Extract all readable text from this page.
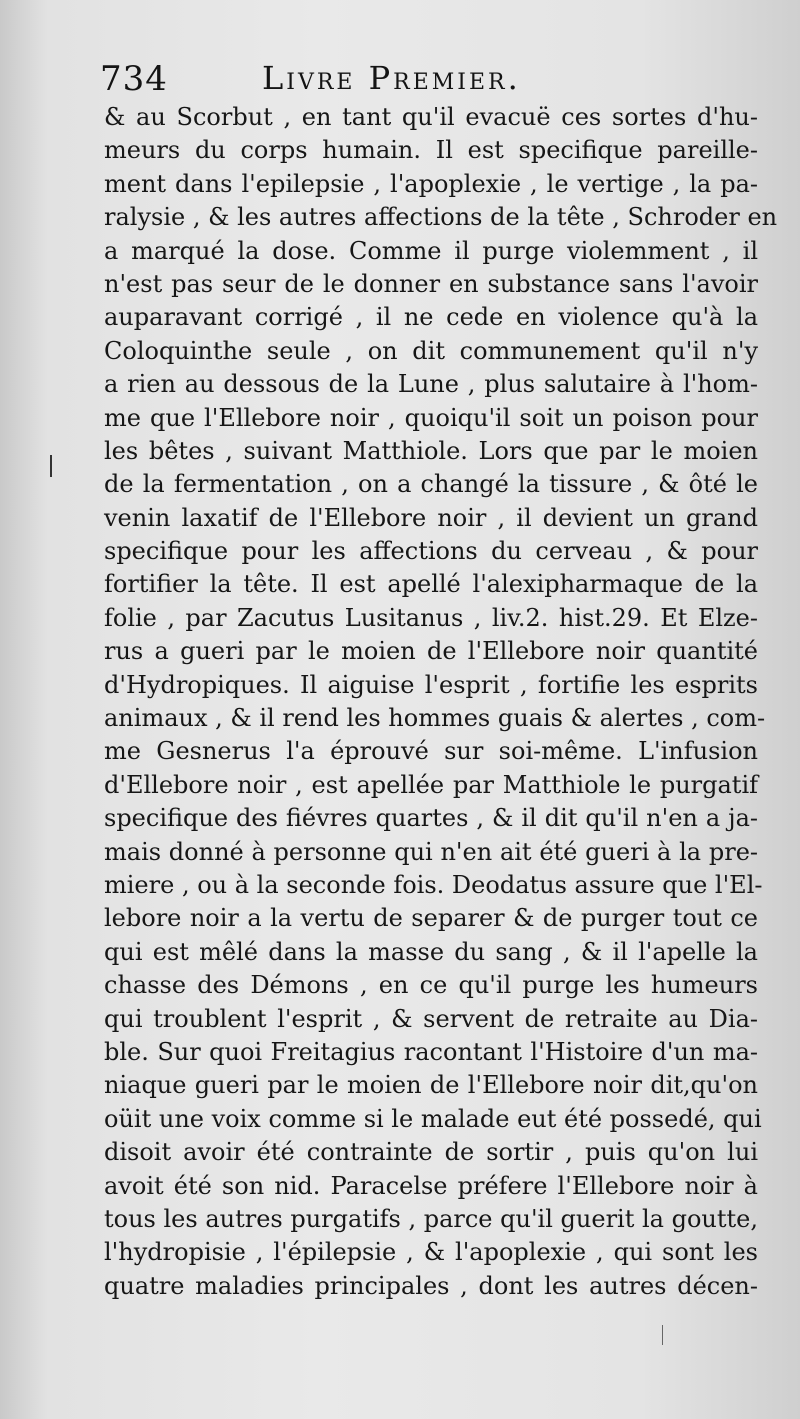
734	Livre Premier.
& au Scorbut , en tant qu'il evacuë ces sortes d'hu-
meurs du corps humain. Il est specifique pareille-
ment dans l'epilepsie , l'apoplexie , le vertige , la pa-
ralysie , & les autres affections de la tête , Schroder en
a marqué la dose. Comme il purge violemment , il
n'est pas seur de le donner en substance sans l'avoir
auparavant corrigé , il ne cede en violence qu'à la
Coloquinthe seule , on dit communement qu'il n'y
a rien au dessous de la Lune , plus salutaire à l'hom-
me que l'Ellebore noir , quoiqu'il soit un poison pour
les bêtes , suivant Matthiole. Lors que par le moien
de la fermentation , on a changé la tissure , & ôté le
venin laxatif de l'Ellebore noir , il devient un grand
specifique pour les affections du cerveau , & pour
fortifier la tête. Il est apellé l'alexipharmaque de la
folie , par Zacutus Lusitanus , liv.2. hist.29. Et Elze-
rus a gueri par le moien de l'Ellebore noir quantité
d'Hydropiques. Il aiguise l'esprit , fortifie les esprits
animaux , & il rend les hommes guais & alertes , com-
me Gesnerus l'a éprouvé sur soi-même. L'infusion
d'Ellebore noir , est apellée par Matthiole le purgatif
specifique des fiévres quartes , & il dit qu'il n'en a ja-
mais donné à personne qui n'en ait été gueri à la pre-
miere , ou à la seconde fois. Deodatus assure que l'El-
lebore noir a la vertu de separer & de purger tout ce
qui est mêlé dans la masse du sang , & il l'apelle la
chasse des Démons , en ce qu'il purge les humeurs
qui troublent l'esprit , & servent de retraite au Dia-
ble. Sur quoi Freitagius racontant l'Histoire d'un ma-
niaque gueri par le moien de l'Ellebore noir dit,qu'on
oüit une voix comme si le malade eut été possedé, qui
disoit avoir été contrainte de sortir , puis qu'on lui
avoit été son nid. Paracelse préfere l'Ellebore noir à
tous les autres purgatifs , parce qu'il guerit la goutte,
l'hydropisie , l'épilepsie , & l'apoplexie , qui sont les
quatre maladies principales , dont les autres décen-
